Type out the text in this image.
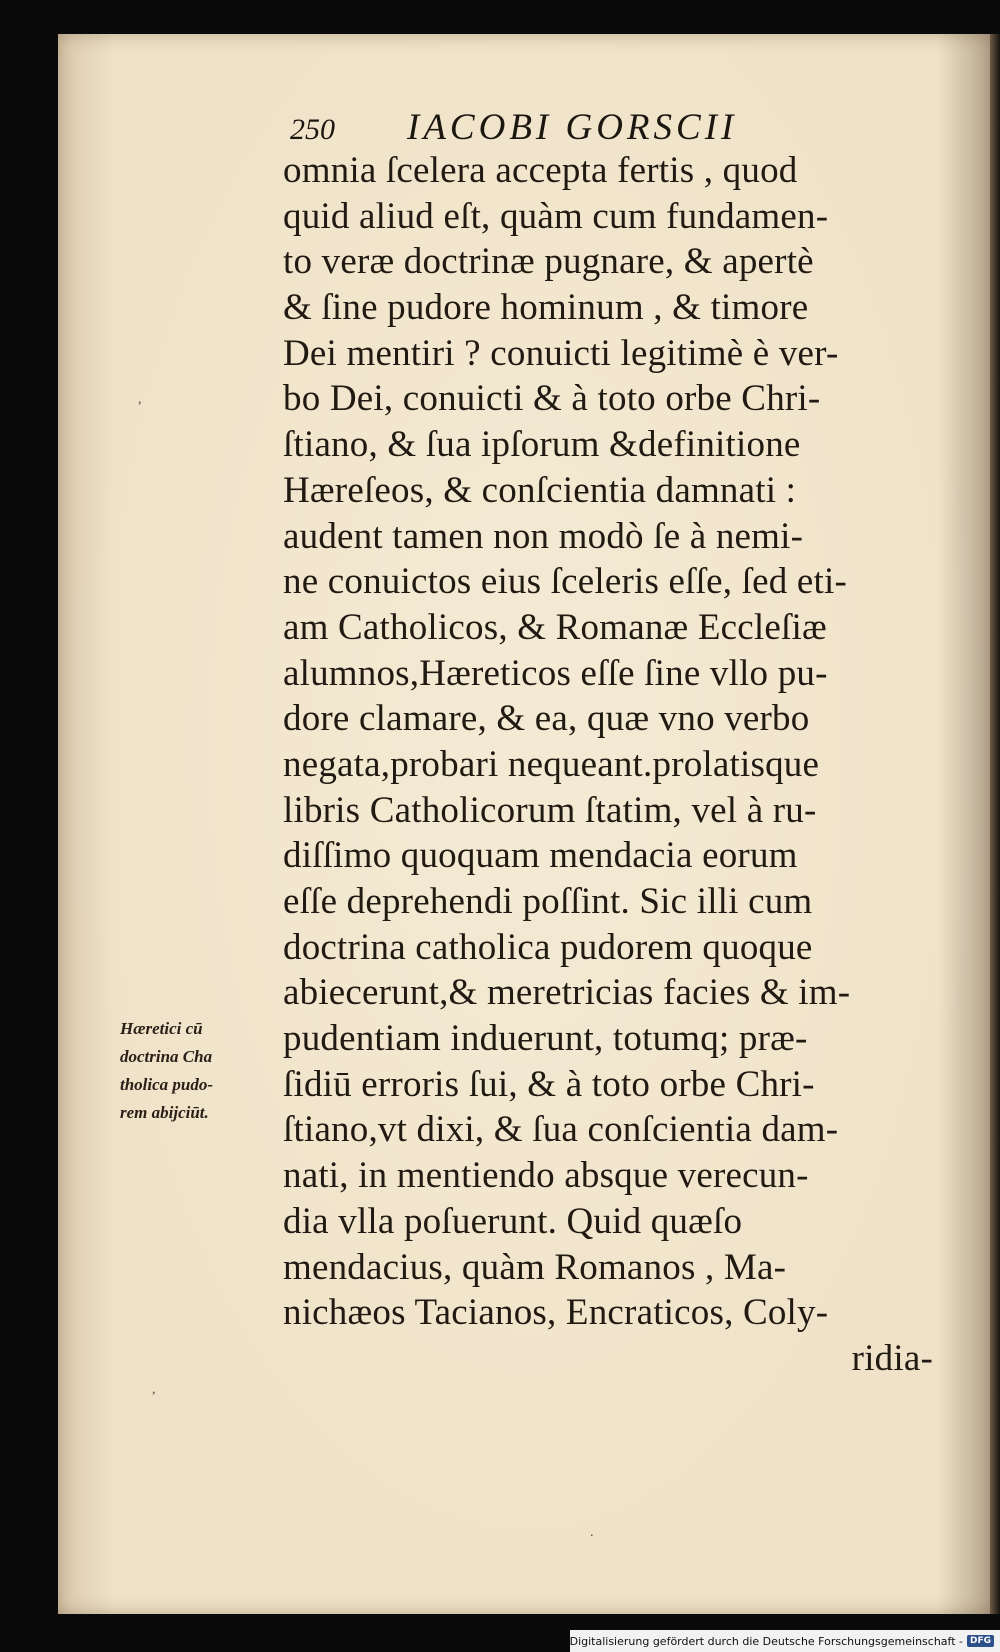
250 IACOBI GORSCII
omnia ſcelera accepta fertis , quod
quid aliud eſt, quàm cum fundamen-
to veræ doctrinæ pugnare, & apertè
& ſine pudore hominum , & timore
Dei mentiri ? conuicti legitimè è ver-
bo Dei, conuicti & à toto orbe Chri-
ſtiano, & ſua ipſorum &definitione
Hæreſeos, & conſcientia damnati :
audent tamen non modò ſe à nemi-
ne conuictos eius ſceleris eſſe, ſed eti-
am Catholicos, & Romanæ Eccleſiæ
alumnos,Hæreticos eſſe ſine vllo pu-
dore clamare, & ea, quæ vno verbo
negata,probari nequeant.prolatisque
libris Catholicorum ſtatim, vel à ru-
diſſimo quoquam mendacia eorum
eſſe deprehendi poſſint. Sic illi cum
doctrina catholica pudorem quoque
abiecerunt,& meretricias facies & im-
pudentiam induerunt, totumq; præ-
ſidiū erroris ſui, & à toto orbe Chri-
ſtiano,vt dixi, & ſua conſcientia dam-
nati, in mentiendo absque verecun-
dia vlla poſuerunt. Quid quæſo
mendacius, quàm Romanos , Ma-
nichæos Tacianos, Encraticos, Coly-
ridia-
Hæretici cū
doctrina Cha
tholica pudo-
rem abijciūt.
,
,
.
Digitalisierung gefördert durch die Deutsche Forschungsgemeinschaft - DFG
